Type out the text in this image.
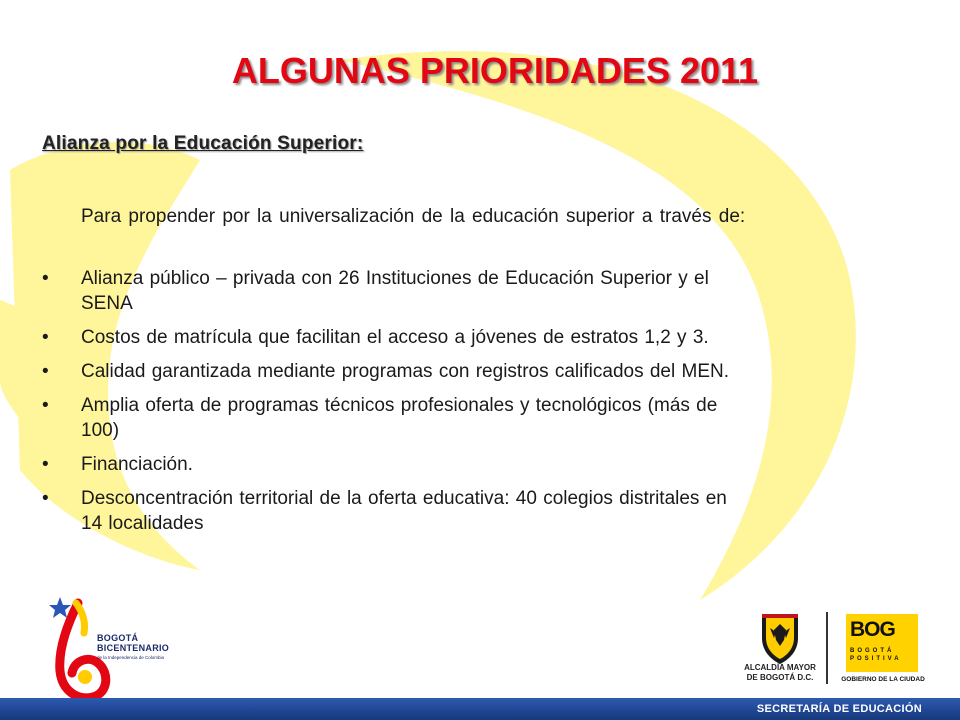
ALGUNAS PRIORIDADES 2011
Alianza por la Educación Superior:
Para propender por la universalización de la educación superior a través de:
• Alianza público – privada con 26 Instituciones de Educación Superior y el
SENA
• Costos de matrícula que facilitan el acceso a jóvenes de estratos 1,2 y 3.
• Calidad garantizada mediante programas con registros calificados del MEN.
• Amplia oferta de programas técnicos profesionales y tecnológicos (más de
100)
• Financiación.
• Desconcentración territorial de la oferta educativa: 40 colegios distritales en
14 localidades
BOGOTÁ
BICENTENARIO
de la Independencia de Colombia
ALCALDÍA MAYOR
DE BOGOTÁ D.C.
BOG
BOGOTÁ
POSITIVA
GOBIERNO DE LA CIUDAD
SECRETARÍA DE EDUCACIÓN
